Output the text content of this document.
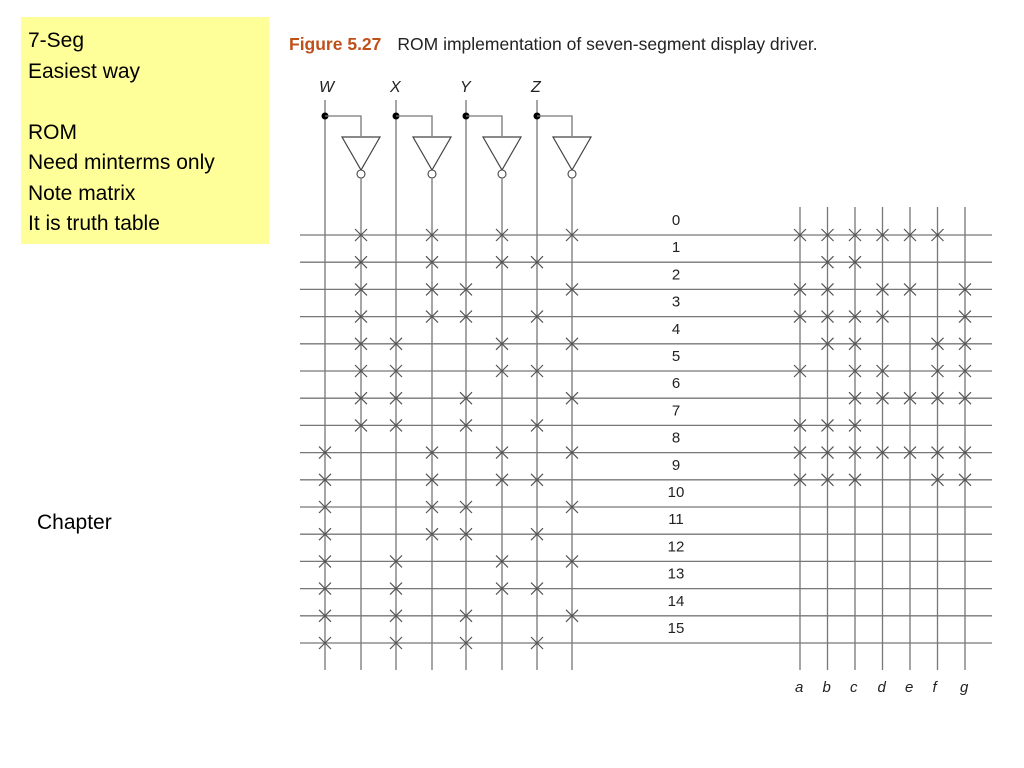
7-Seg
Easiest way
ROM
Need minterms only
Note matrix
It is truth table
Chapter
Figure 5.27 ROM implementation of seven-segment display driver.
W	X	Y	Z
a b c d e f g
0
1
2
3
4
5
6
7
8
9
10
11
12
13
14
15
